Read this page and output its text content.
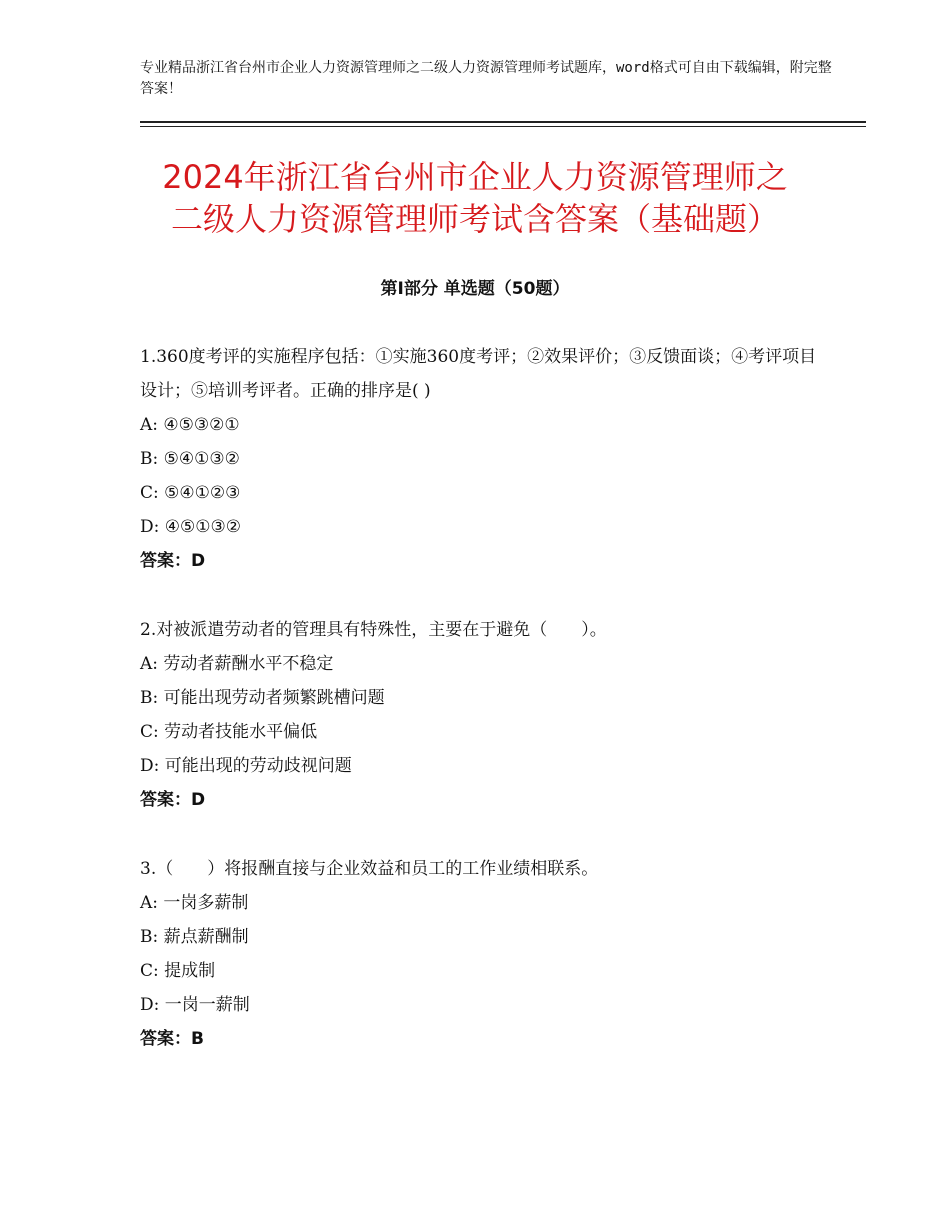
专业精品浙江省台州市企业人力资源管理师之二级人力资源管理师考试题库，word格式可自由下载编辑，附完整答案！
2024年浙江省台州市企业人力资源管理师之
二级人力资源管理师考试含答案（基础题）
第I部分 单选题（50题）

1.360度考评的实施程序包括：①实施360度考评；②效果评价；③反馈面谈；④考评项目设计；⑤培训考评者。正确的排序是( )

A: ④⑤③②①

B: ⑤④①③②

C: ⑤④①②③

D: ④⑤①③②

答案：D

2.对被派遣劳动者的管理具有特殊性，主要在于避免（　　）。

A: 劳动者薪酬水平不稳定

B: 可能出现劳动者频繁跳槽问题

C: 劳动者技能水平偏低

D: 可能出现的劳动歧视问题

答案：D

3.（　　）将报酬直接与企业效益和员工的工作业绩相联系。

A: 一岗多薪制

B: 薪点薪酬制

C: 提成制

D: 一岗一薪制

答案：B
